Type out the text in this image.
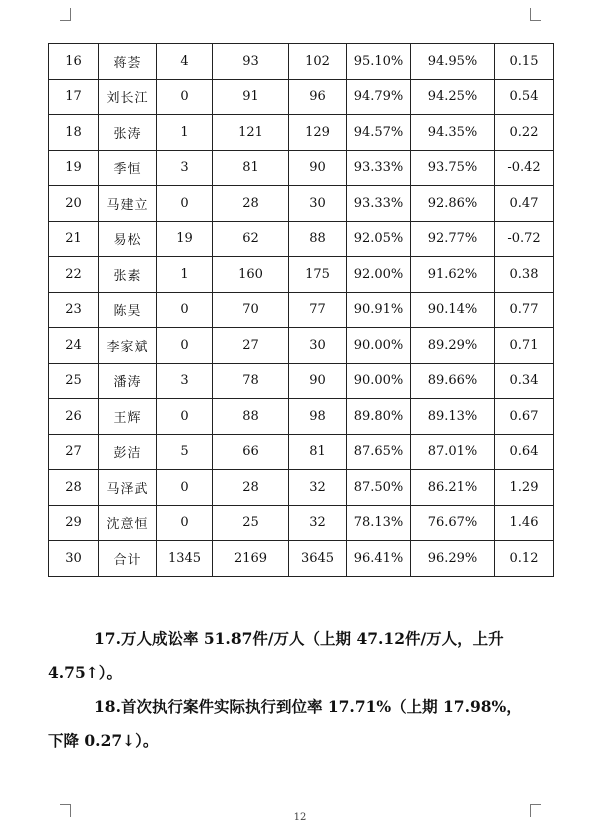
16	蒋荟	4	93	102	95.10%	94.95%	0.15
17	刘长江	0	91	96	94.79%	94.25%	0.54
18	张涛	1	121	129	94.57%	94.35%	0.22
19	季恒	3	81	90	93.33%	93.75%	-0.42
20	马建立	0	28	30	93.33%	92.86%	0.47
21	易松	19	62	88	92.05%	92.77%	-0.72
22	张素	1	160	175	92.00%	91.62%	0.38
23	陈昊	0	70	77	90.91%	90.14%	0.77
24	李家斌	0	27	30	90.00%	89.29%	0.71
25	潘涛	3	78	90	90.00%	89.66%	0.34
26	王辉	0	88	98	89.80%	89.13%	0.67
27	彭洁	5	66	81	87.65%	87.01%	0.64
28	马泽武	0	28	32	87.50%	86.21%	1.29
29	沈意恒	0	25	32	78.13%	76.67%	1.46
30	合计	1345	2169	3645	96.41%	96.29%	0.12

17.万人成讼率 51.87件/万人（上期 47.12件/万人，上升

4.75↑）。

18.首次执行案件实际执行到位率 17.71%（上期 17.98%，

下降 0.27↓）。

12
